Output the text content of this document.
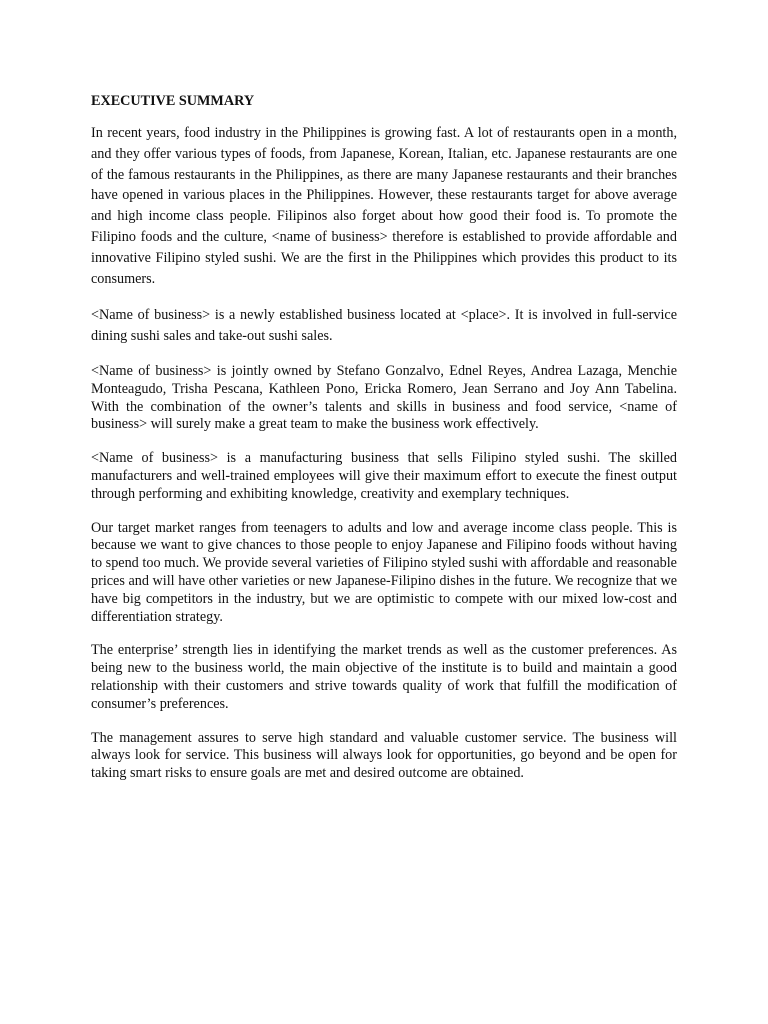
EXECUTIVE SUMMARY

In recent years, food industry in the Philippines is growing fast. A lot of restaurants open in a month, and they offer various types of foods, from Japanese, Korean, Italian, etc. Japanese restaurants are one of the famous restaurants in the Philippines, as there are many Japanese restaurants and their branches have opened in various places in the Philippines. However, these restaurants target for above average and high income class people. Filipinos also forget about how good their food is. To promote the Filipino foods and the culture, <name of business> therefore is established to provide affordable and innovative Filipino styled sushi. We are the first in the Philippines which provides this product to its consumers.

<Name of business> is a newly established business located at <place>. It is involved in full-service dining sushi sales and take-out sushi sales.

<Name of business> is jointly owned by Stefano Gonzalvo, Ednel Reyes, Andrea Lazaga, Menchie Monteagudo, Trisha Pescana, Kathleen Pono, Ericka Romero, Jean Serrano and Joy Ann Tabelina. With the combination of the owner’s talents and skills in business and food service, <name of business> will surely make a great team to make the business work effectively.

<Name of business> is a manufacturing business that sells Filipino styled sushi. The skilled manufacturers and well-trained employees will give their maximum effort to execute the finest output through performing and exhibiting knowledge, creativity and exemplary techniques.

Our target market ranges from teenagers to adults and low and average income class people. This is because we want to give chances to those people to enjoy Japanese and Filipino foods without having to spend too much. We provide several varieties of Filipino styled sushi with affordable and reasonable prices and will have other varieties or new Japanese-Filipino dishes in the future. We recognize that we have big competitors in the industry, but we are optimistic to compete with our mixed low-cost and differentiation strategy.

The enterprise’ strength lies in identifying the market trends as well as the customer preferences. As being new to the business world, the main objective of the institute is to build and maintain a good relationship with their customers and strive towards quality of work that fulfill the modification of consumer’s preferences.

The management assures to serve high standard and valuable customer service. The business will always look for service. This business will always look for opportunities, go beyond and be open for taking smart risks to ensure goals are met and desired outcome are obtained.
